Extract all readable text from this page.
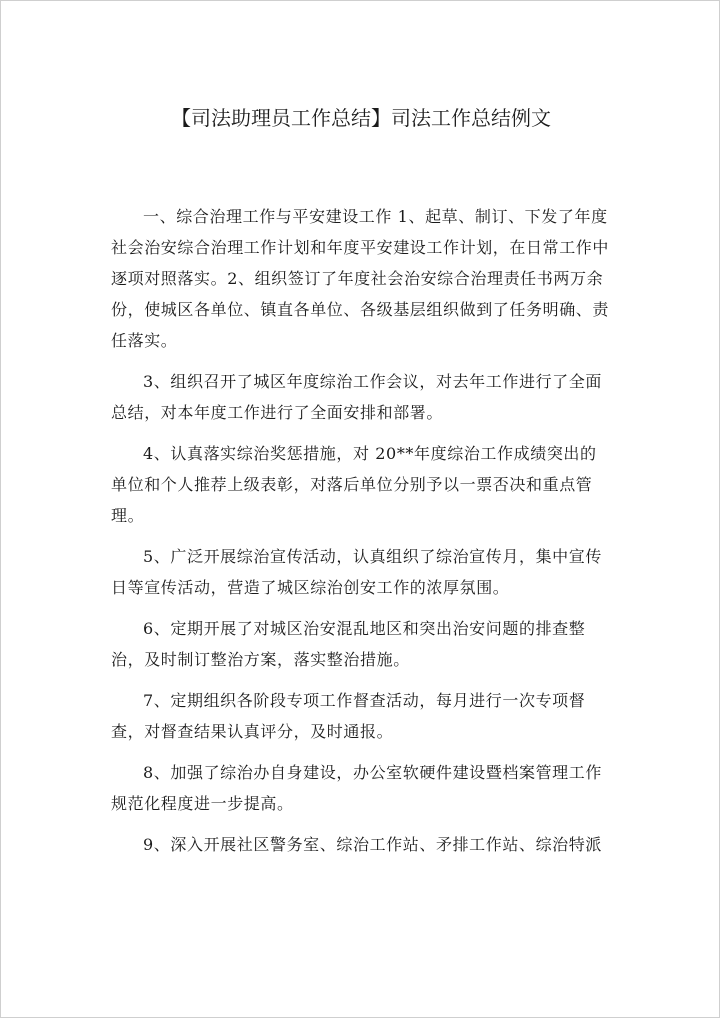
【司法助理员工作总结】司法工作总结例文

一、综合治理工作与平安建设工作 1、起草、制订、下发了年度社会治安综合治理工作计划和年度平安建设工作计划，在日常工作中逐项对照落实。2、组织签订了年度社会治安综合治理责任书两万余份，使城区各单位、镇直各单位、各级基层组织做到了任务明确、责任落实。

3、组织召开了城区年度综治工作会议，对去年工作进行了全面总结，对本年度工作进行了全面安排和部署。

4、认真落实综治奖惩措施，对 20**年度综治工作成绩突出的单位和个人推荐上级表彰，对落后单位分别予以一票否决和重点管理。

5、广泛开展综治宣传活动，认真组织了综治宣传月，集中宣传日等宣传活动，营造了城区综治创安工作的浓厚氛围。

6、定期开展了对城区治安混乱地区和突出治安问题的排查整治，及时制订整治方案，落实整治措施。

7、定期组织各阶段专项工作督查活动，每月进行一次专项督查，对督查结果认真评分，及时通报。

8、加强了综治办自身建设，办公室软硬件建设暨档案管理工作规范化程度进一步提高。

9、深入开展社区警务室、综治工作站、矛排工作站、综治特派
